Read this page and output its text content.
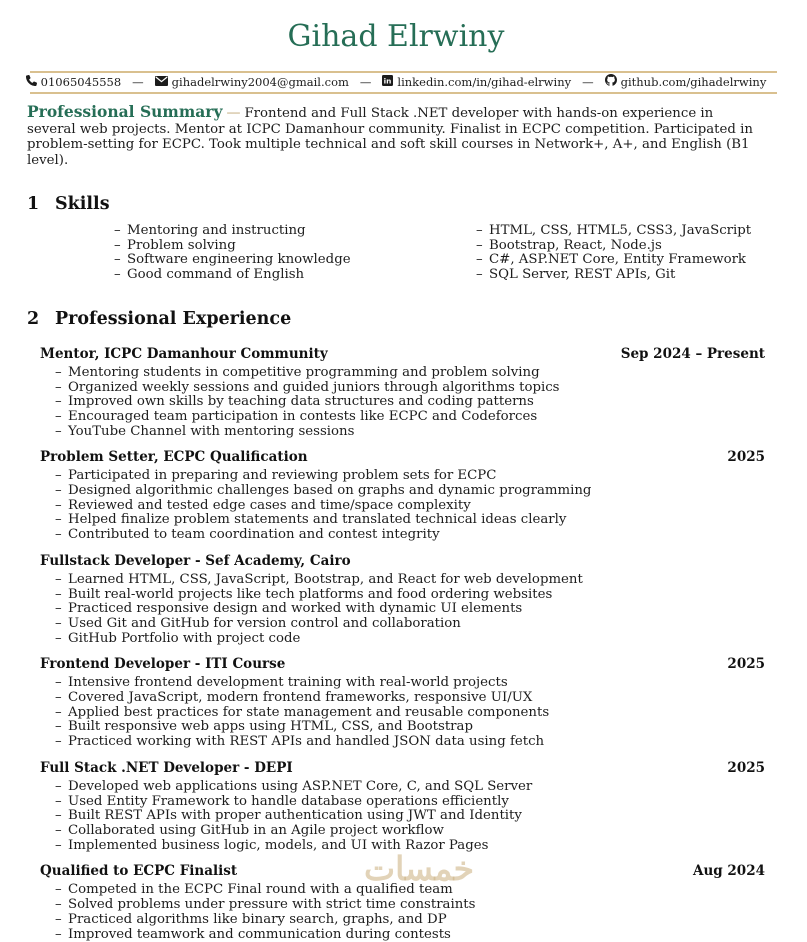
خمسات
Gihad Elrwiny
01065045558 — gihadelrwiny2004@gmail.com — in linkedin.com/in/gihad-elrwiny — github.com/gihadelrwiny

Professional Summary — Frontend and Full Stack .NET developer with hands-on experience in several web projects. Mentor at ICPC Damanhour community. Finalist in ECPC competition. Participated in problem-setting for ECPC. Took multiple technical and soft skill courses in Network+, A+, and English (B1 level).

1 Skills
– Mentoring and instructing
– Problem solving
– Software engineering knowledge
– Good command of English
– HTML, CSS, HTML5, CSS3, JavaScript
– Bootstrap, React, Node.js
– C#, ASP.NET Core, Entity Framework
– SQL Server, REST APIs, Git
2 Professional Experience
Mentor, ICPC Damanhour Community	Sep 2024 – Present
– Mentoring students in competitive programming and problem solving
– Organized weekly sessions and guided juniors through algorithms topics
– Improved own skills by teaching data structures and coding patterns
– Encouraged team participation in contests like ECPC and Codeforces
– YouTube Channel with mentoring sessions
Problem Setter, ECPC Qualification	2025
– Participated in preparing and reviewing problem sets for ECPC
– Designed algorithmic challenges based on graphs and dynamic programming
– Reviewed and tested edge cases and time/space complexity
– Helped finalize problem statements and translated technical ideas clearly
– Contributed to team coordination and contest integrity
Fullstack Developer - Sef Academy, Cairo
– Learned HTML, CSS, JavaScript, Bootstrap, and React for web development
– Built real-world projects like tech platforms and food ordering websites
– Practiced responsive design and worked with dynamic UI elements
– Used Git and GitHub for version control and collaboration
– GitHub Portfolio with project code
Frontend Developer - ITI Course	2025
– Intensive frontend development training with real-world projects
– Covered JavaScript, modern frontend frameworks, responsive UI/UX
– Applied best practices for state management and reusable components
– Built responsive web apps using HTML, CSS, and Bootstrap
– Practiced working with REST APIs and handled JSON data using fetch
Full Stack .NET Developer - DEPI	2025
– Developed web applications using ASP.NET Core, C, and SQL Server
– Used Entity Framework to handle database operations efficiently
– Built REST APIs with proper authentication using JWT and Identity
– Collaborated using GitHub in an Agile project workflow
– Implemented business logic, models, and UI with Razor Pages
Qualified to ECPC Finalist	Aug 2024
– Competed in the ECPC Final round with a qualified team
– Solved problems under pressure with strict time constraints
– Practiced algorithms like binary search, graphs, and DP
– Improved teamwork and communication during contests
